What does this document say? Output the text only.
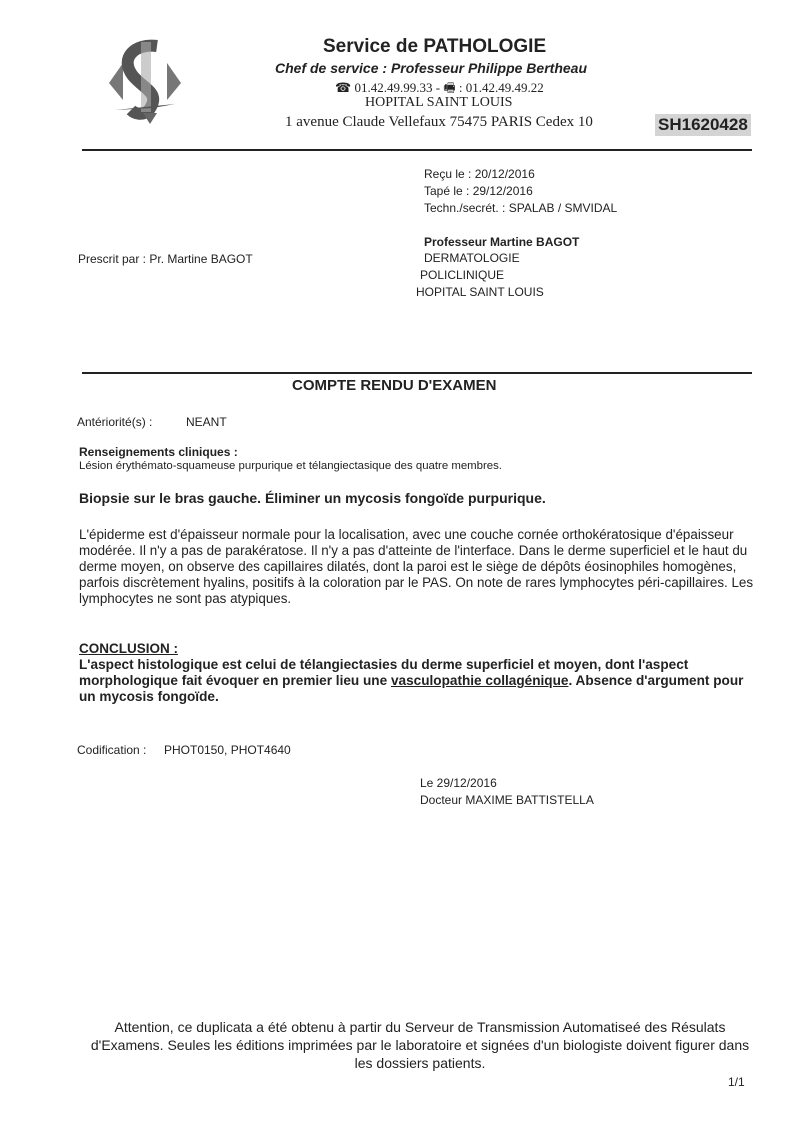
Service de PATHOLOGIE
Chef de service : Professeur Philippe Bertheau
☎ 01.42.49.99.33 - 🖷 : 01.42.49.49.22
HOPITAL SAINT LOUIS
1 avenue Claude Vellefaux 75475 PARIS Cedex 10	SH1620428
Reçu le : 20/12/2016
Tapé le : 29/12/2016
Techn./secrét. : SPALAB / SMVIDAL
Professeur Martine BAGOT
DERMATOLOGIE
POLICLINIQUE
HOPITAL SAINT LOUIS
Prescrit par : Pr. Martine BAGOT
COMPTE RENDU D'EXAMEN
Antériorité(s) :	NEANT
Renseignements cliniques :
Lésion érythémato-squameuse purpurique et télangiectasique des quatre membres.
Biopsie sur le bras gauche. Éliminer un mycosis fongoïde purpurique.
L'épiderme est d'épaisseur normale pour la localisation, avec une couche cornée orthokératosique d'épaisseur modérée. Il n'y a pas de parakératose. Il n'y a pas d'atteinte de l'interface. Dans le derme superficiel et le haut du derme moyen, on observe des capillaires dilatés, dont la paroi est le siège de dépôts éosinophiles homogènes, parfois discrètement hyalins, positifs à la coloration par le PAS. On note de rares lymphocytes péri-capillaires. Les lymphocytes ne sont pas atypiques.
CONCLUSION :
L'aspect histologique est celui de télangiectasies du derme superficiel et moyen, dont l'aspect morphologique fait évoquer en premier lieu une vasculopathie collagénique. Absence d'argument pour un mycosis fongoïde.
Codification : PHOT0150, PHOT4640
Le 29/12/2016
Docteur MAXIME BATTISTELLA
Attention, ce duplicata a été obtenu à partir du Serveur de Transmission Automatiseé des Résulats d'Examens. Seules les éditions imprimées par le laboratoire et signées d'un biologiste doivent figurer dans les dossiers patients.
1/1
